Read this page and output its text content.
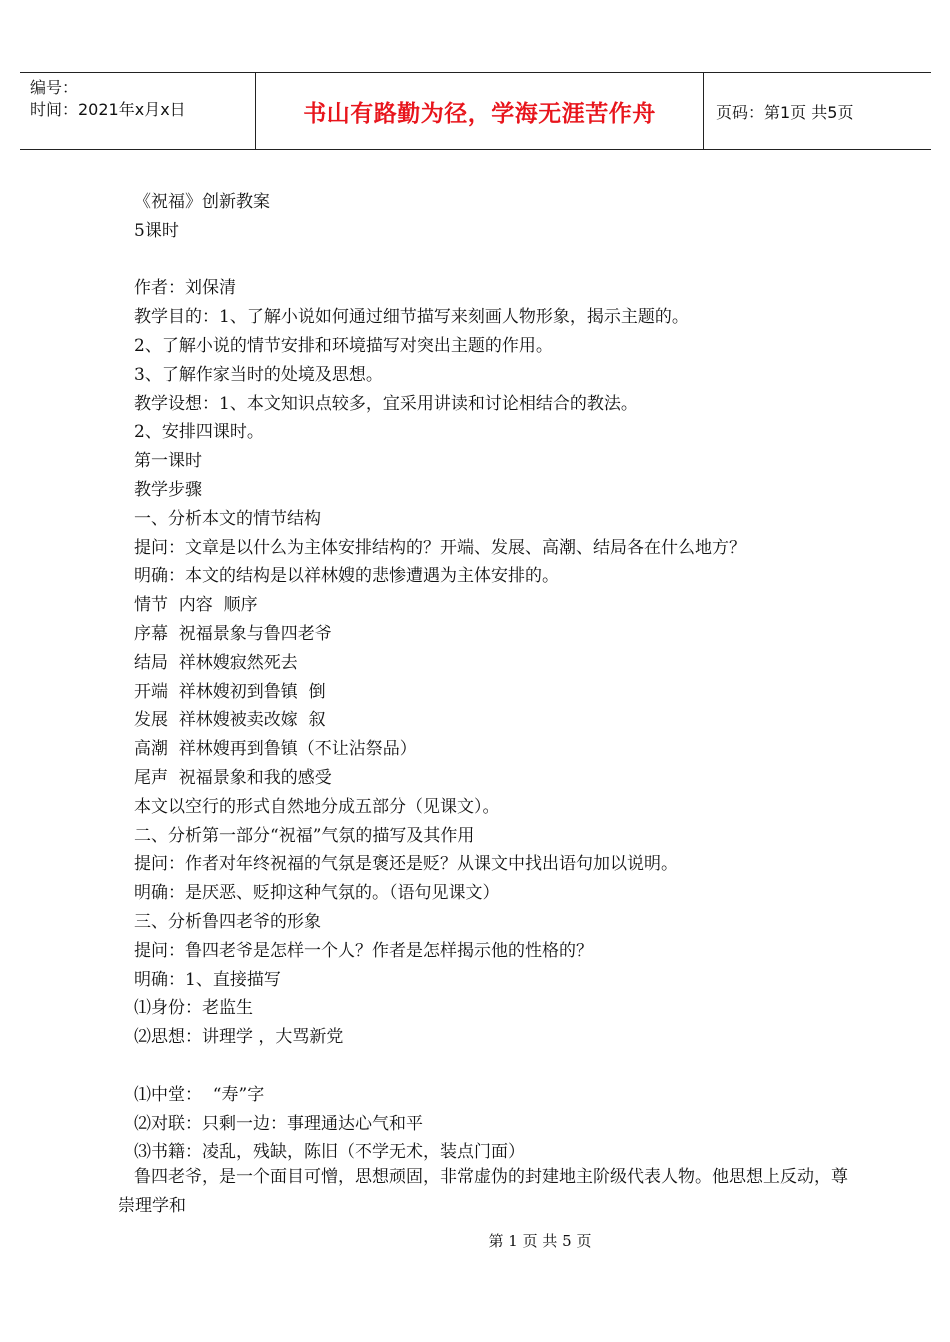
编号：
时间：2021年x月x日	书山有路勤为径，学海无涯苦作舟	页码：第1页 共5页
《祝福》创新教案
5课时
作者：刘保清
教学目的：1、了解小说如何通过细节描写来刻画人物形象，揭示主题的。
2、了解小说的情节安排和环境描写对突出主题的作用。
3、了解作家当时的处境及思想。
教学设想：1、本文知识点较多，宜采用讲读和讨论相结合的教法。
2、安排四课时。
第一课时
教学步骤
一、分析本文的情节结构
提问：文章是以什么为主体安排结构的？开端、发展、高潮、结局各在什么地方？
明确：本文的结构是以祥林嫂的悲惨遭遇为主体安排的。
情节  内容  顺序
序幕  祝福景象与鲁四老爷
结局  祥林嫂寂然死去
开端  祥林嫂初到鲁镇  倒
发展  祥林嫂被卖改嫁  叙
高潮  祥林嫂再到鲁镇（不让沾祭品）
尾声  祝福景象和我的感受
本文以空行的形式自然地分成五部分（见课文）。
二、分析第一部分“祝福”气氛的描写及其作用
提问：作者对年终祝福的气氛是褒还是贬？从课文中找出语句加以说明。
明确：是厌恶、贬抑这种气氛的。（语句见课文）
三、分析鲁四老爷的形象
提问：鲁四老爷是怎样一个人？作者是怎样揭示他的性格的？
明确：1、直接描写
⑴身份：老监生
⑵思想：讲理学 ，大骂新党
⑴中堂：  “寿”字
⑵对联：只剩一边：事理通达心气和平
⑶书籍：凌乱，残缺，陈旧（不学无术，装点门面）
鲁四老爷，是一个面目可憎，思想顽固，非常虚伪的封建地主阶级代表人物。他思想上反动，尊崇理学和
第 1 页 共 5 页
